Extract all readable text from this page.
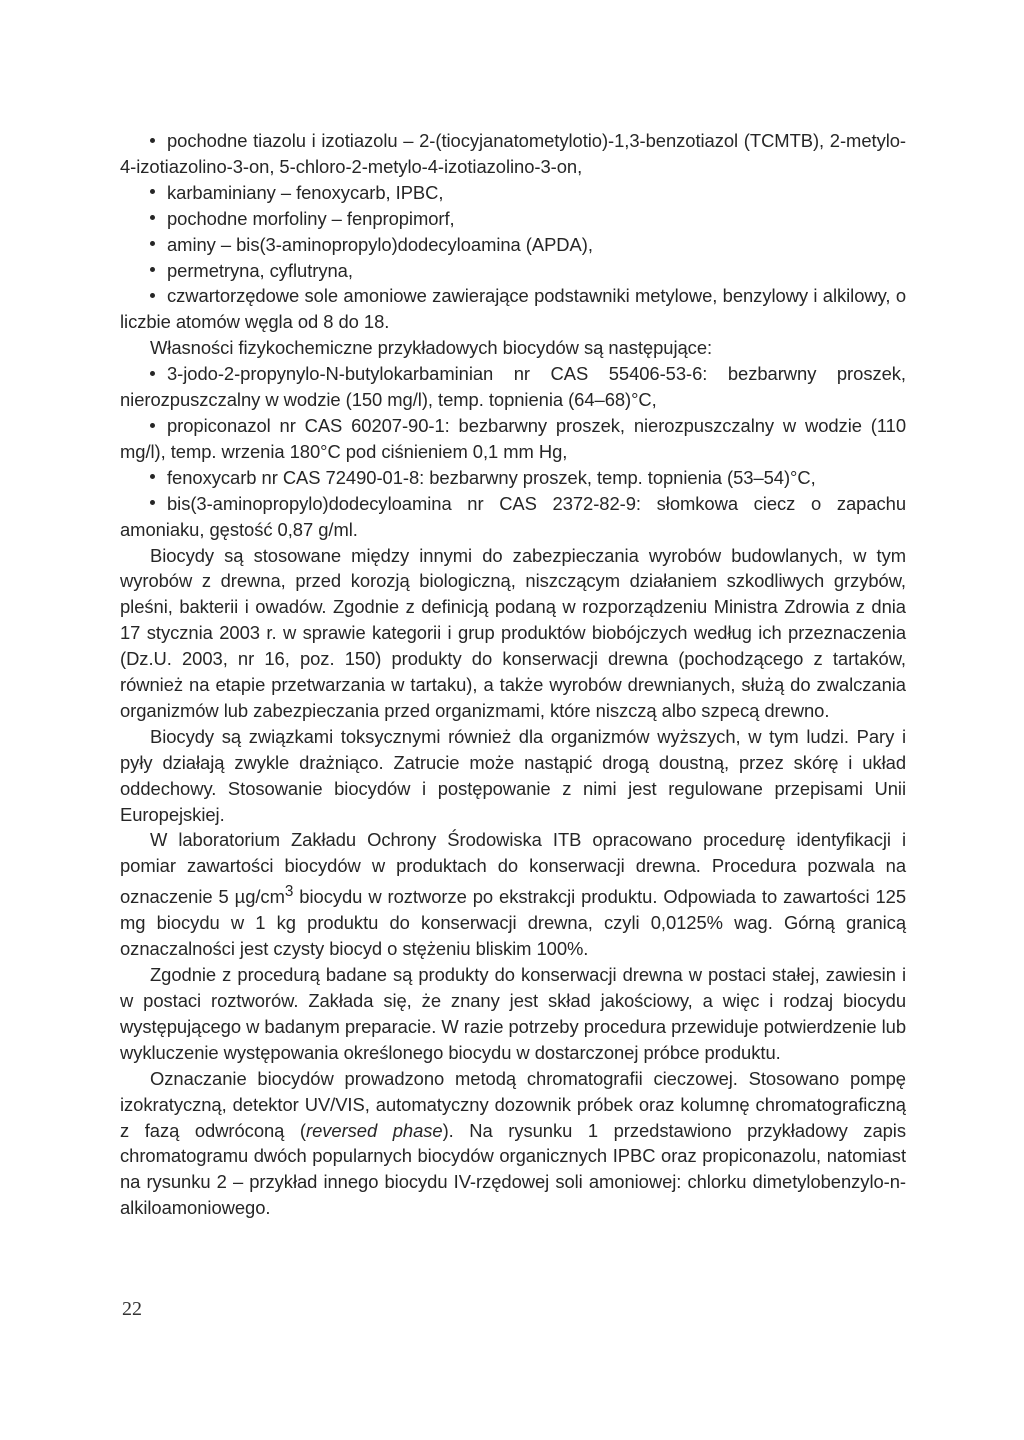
pochodne tiazolu i izotiazolu – 2-(tiocyjanatometylotio)-1,3-benzotiazol (TCMTB), 2-metylo-4-izotiazolino-3-on, 5-chloro-2-metylo-4-izotiazolino-3-on,

karbaminiany – fenoxycarb, IPBC,

pochodne morfoliny – fenpropimorf,

aminy – bis(3-aminopropylo)dodecyloamina (APDA),

permetryna, cyflutryna,

czwartorzędowe sole amoniowe zawierające podstawniki metylowe, benzylowy i alkilowy, o liczbie atomów węgla od 8 do 18.

Własności fizykochemiczne przykładowych biocydów są następujące:

3-jodo-2-propynylo-N-butylokarbaminian nr CAS 55406-53-6: bezbarwny proszek, nierozpuszczalny w wodzie (150 mg/l), temp. topnienia (64–68)°C,

propiconazol nr CAS 60207-90-1: bezbarwny proszek, nierozpuszczalny w wodzie (110 mg/l), temp. wrzenia 180°C pod ciśnieniem 0,1 mm Hg,

fenoxycarb nr CAS 72490-01-8: bezbarwny proszek, temp. topnienia (53–54)°C,

bis(3-aminopropylo)dodecyloamina nr CAS 2372-82-9: słomkowa ciecz o zapachu amoniaku, gęstość 0,87 g/ml.

Biocydy są stosowane między innymi do zabezpieczania wyrobów budowlanych, w tym wyrobów z drewna, przed korozją biologiczną, niszczącym działaniem szkodliwych grzybów, pleśni, bakterii i owadów. Zgodnie z definicją podaną w rozporządzeniu Ministra Zdrowia z dnia 17 stycznia 2003 r. w sprawie kategorii i grup produktów biobójczych według ich przeznaczenia (Dz.U. 2003, nr 16, poz. 150) produkty do konserwacji drewna (pochodzącego z tartaków, również na etapie przetwarzania w tartaku), a także wyrobów drewnianych, służą do zwalczania organizmów lub zabezpieczania przed organizmami, które niszczą albo szpecą drewno.

Biocydy są związkami toksycznymi również dla organizmów wyższych, w tym ludzi. Pary i pyły działają zwykle drażniąco. Zatrucie może nastąpić drogą doustną, przez skórę i układ oddechowy. Stosowanie biocydów i postępowanie z nimi jest regulowane przepisami Unii Europejskiej.

W laboratorium Zakładu Ochrony Środowiska ITB opracowano procedurę identyfikacji i pomiar zawartości biocydów w produktach do konserwacji drewna. Procedura pozwala na oznaczenie 5 $\mu g/cm^3$ biocydu w roztworze po ekstrakcji produktu. Odpowiada to zawartości 125 mg biocydu w 1 kg produktu do konserwacji drewna, czyli 0,0125% wag. Górną granicą oznaczalności jest czysty biocyd o stężeniu bliskim 100%.

Zgodnie z procedurą badane są produkty do konserwacji drewna w postaci stałej, zawiesin i w postaci roztworów. Zakłada się, że znany jest skład jakościowy, a więc i rodzaj biocydu występującego w badanym preparacie. W razie potrzeby procedura przewiduje potwierdzenie lub wykluczenie występowania określonego biocydu w dostarczonej próbce produktu.

Oznaczanie biocydów prowadzono metodą chromatografii cieczowej. Stosowano pompę izokratyczną, detektor UV/VIS, automatyczny dozownik próbek oraz kolumnę chromatograficzną z fazą odwróconą (reversed phase). Na rysunku 1 przedstawiono przykładowy zapis chromatogramu dwóch popularnych biocydów organicznych IPBC oraz propiconazolu, natomiast na rysunku 2 – przykład innego biocydu IV-rzędowej soli amoniowej: chlorku dimetylobenzylo-n-alkiloamoniowego.

22
